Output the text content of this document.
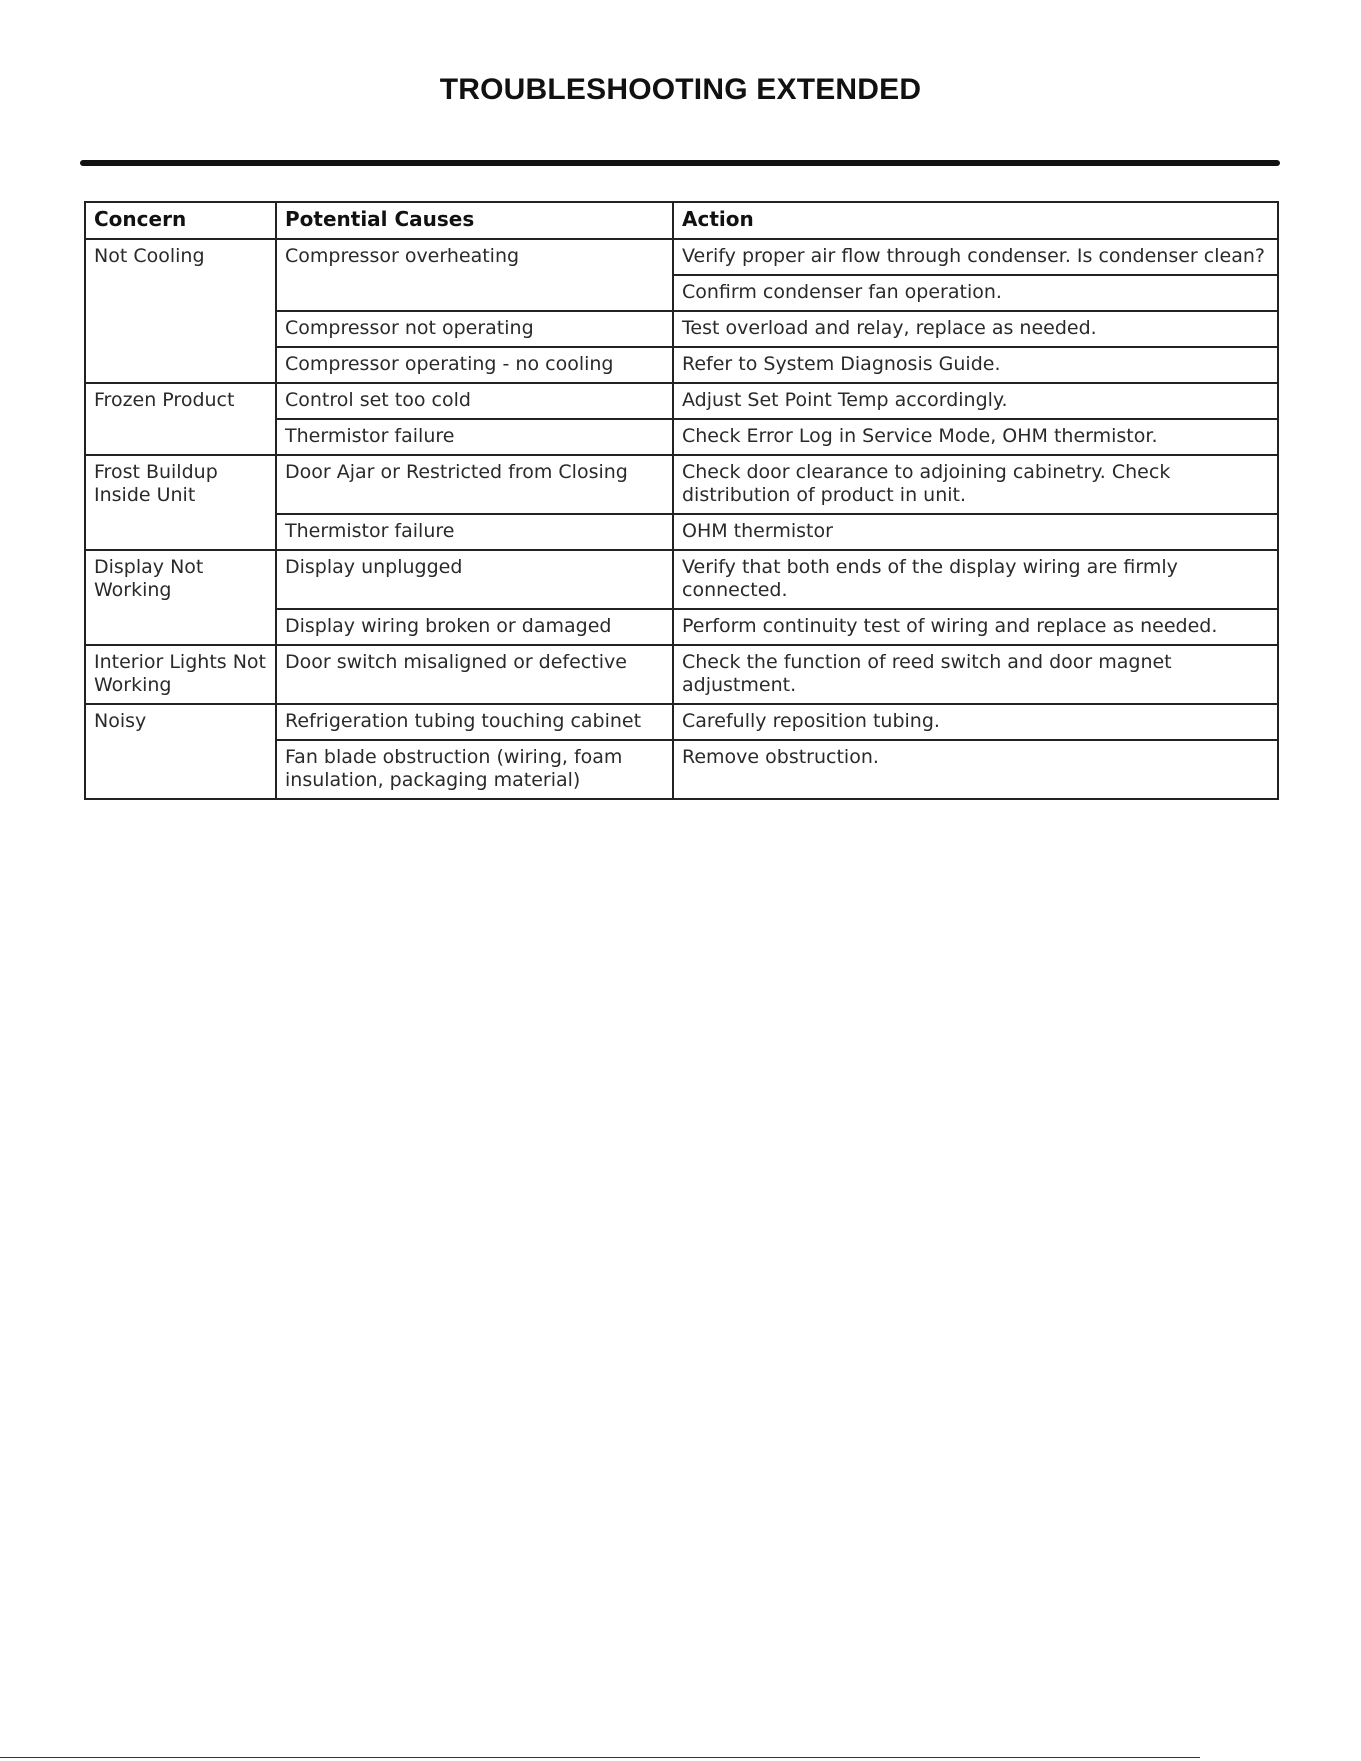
TROUBLESHOOTING EXTENDED
Concern	Potential Causes	Action
Not Cooling	Compressor overheating	Verify proper air flow through condenser. Is condenser clean?
		Confirm condenser fan operation.
	Compressor not operating	Test overload and relay, replace as needed.
	Compressor operating - no cooling	Refer to System Diagnosis Guide.
Frozen Product	Control set too cold	Adjust Set Point Temp accordingly.
	Thermistor failure	Check Error Log in Service Mode, OHM thermistor.
Frost Buildup Inside Unit	Door Ajar or Restricted from Closing	Check door clearance to adjoining cabinetry. Check distribution of product in unit.
	Thermistor failure	OHM thermistor
Display Not Working	Display unplugged	Verify that both ends of the display wiring are firmly connected.
	Display wiring broken or damaged	Perform continuity test of wiring and replace as needed.
Interior Lights Not Working	Door switch misaligned or defective	Check the function of reed switch and door magnet adjustment.
Noisy	Refrigeration tubing touching cabinet	Carefully reposition tubing.
	Fan blade obstruction (wiring, foam insulation, packaging material)	Remove obstruction.
